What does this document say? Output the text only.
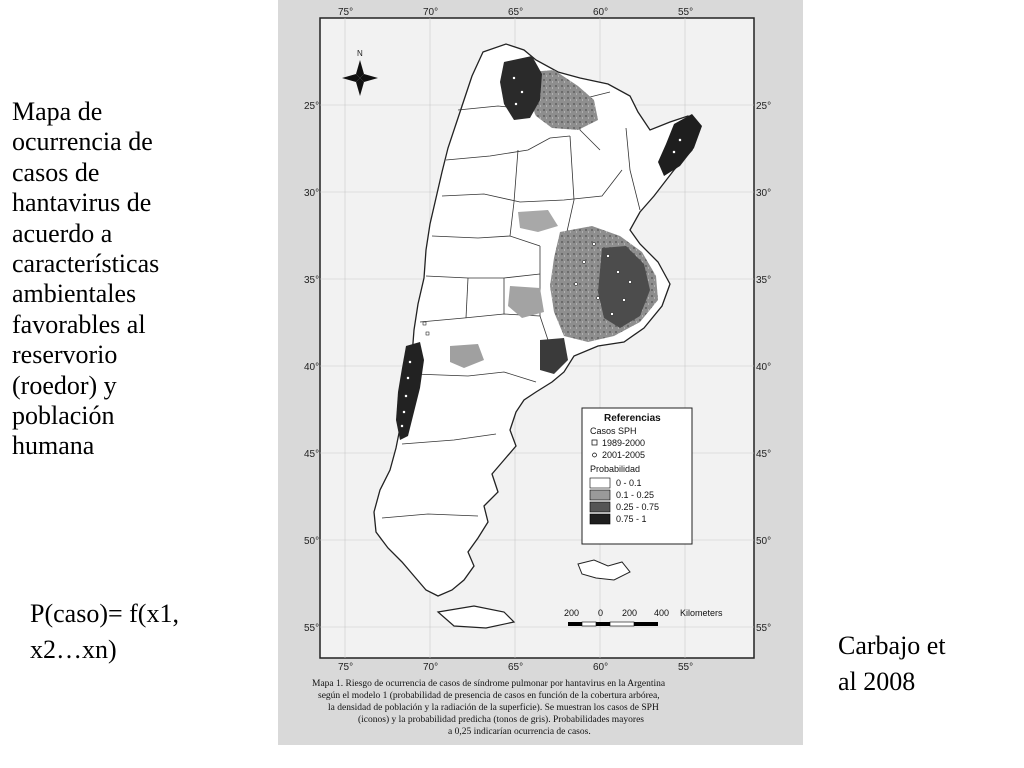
Mapa de

ocurrencia de

casos de

hantavirus de

acuerdo a

características

ambientales

favorables al

reservorio

(roedor) y

población

humana

P(caso)= f(x1,
x2…xn)	Carbajo et
al 2008
75°	70°	65°	60°	55°
75°	70°	65°	60°	55°
25°
30°
35°
40°
45°
50°
55°
25°
30°
35°
40°
45°
50°
55°
N
Referencias
Casos SPH
1989-2000
2001-2005
Probabilidad
0 - 0.1
0.1 - 0.25
0.25 - 0.75
0.75 - 1
200 0 200 400 Kilometers
Mapa 1. Riesgo de ocurrencia de casos de síndrome pulmonar por hantavirus en la Argentina
según el modelo 1 (probabilidad de presencia de casos en función de la cobertura arbórea,
la densidad de población y la radiación de la superficie). Se muestran los casos de SPH
(iconos) y la probabilidad predicha (tonos de gris). Probabilidades mayores
a 0,25 indicarían ocurrencia de casos.
